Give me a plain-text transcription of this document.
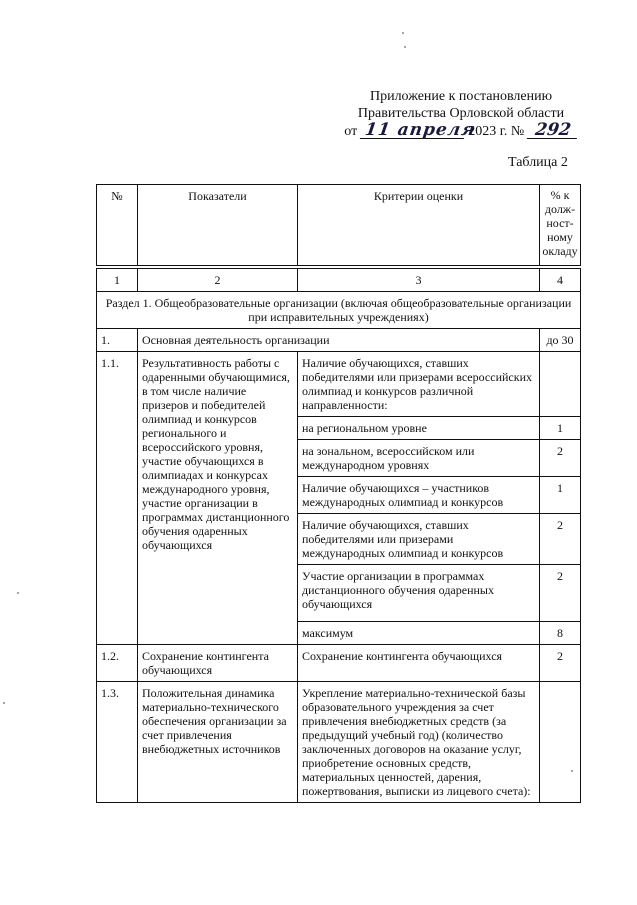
Приложение к постановлению
Правительства Орловской области
от 11 апреля 2023 г. № 292
Таблица 2
№	Показатели	Критерии оценки	% к долж-ност-ному окладу

1	2	3	4
Раздел 1. Общеобразовательные организации (включая общеобразовательные организации при исправительных учреждениях)			
1.	Основная деятельность организации		до 30
1.1.	Результативность работы с одаренными обучающимися, в том числе наличие призеров и победителей олимпиад и конкурсов регионального и всероссийского уровня, участие обучающихся в олимпиадах и конкурсах международного уровня, участие организации в программах дистанционного обучения одаренных обучающихся	Наличие обучающихся, ставших победителями или призерами всероссийских олимпиад и конкурсов различной направленности:	
		на региональном уровне	1
		на зональном, всероссийском или международном уровнях	2
		Наличие обучающихся – участников международных олимпиад и конкурсов	1
		Наличие обучающихся, ставших победителями или призерами международных олимпиад и конкурсов	2
		Участие организации в программах дистанционного обучения одаренных обучающихся	2
		максимум	8
1.2.	Сохранение контингента обучающихся	Сохранение контингента обучающихся	2
1.3.	Положительная динамика материально-технического обеспечения организации за счет привлечения внебюджетных источников	Укрепление материально-технической базы образовательного учреждения за счет привлечения внебюджетных средств (за предыдущий учебный год) (количество заключенных договоров на оказание услуг, приобретение основных средств, материальных ценностей, дарения, пожертвования, выписки из лицевого счета):	
